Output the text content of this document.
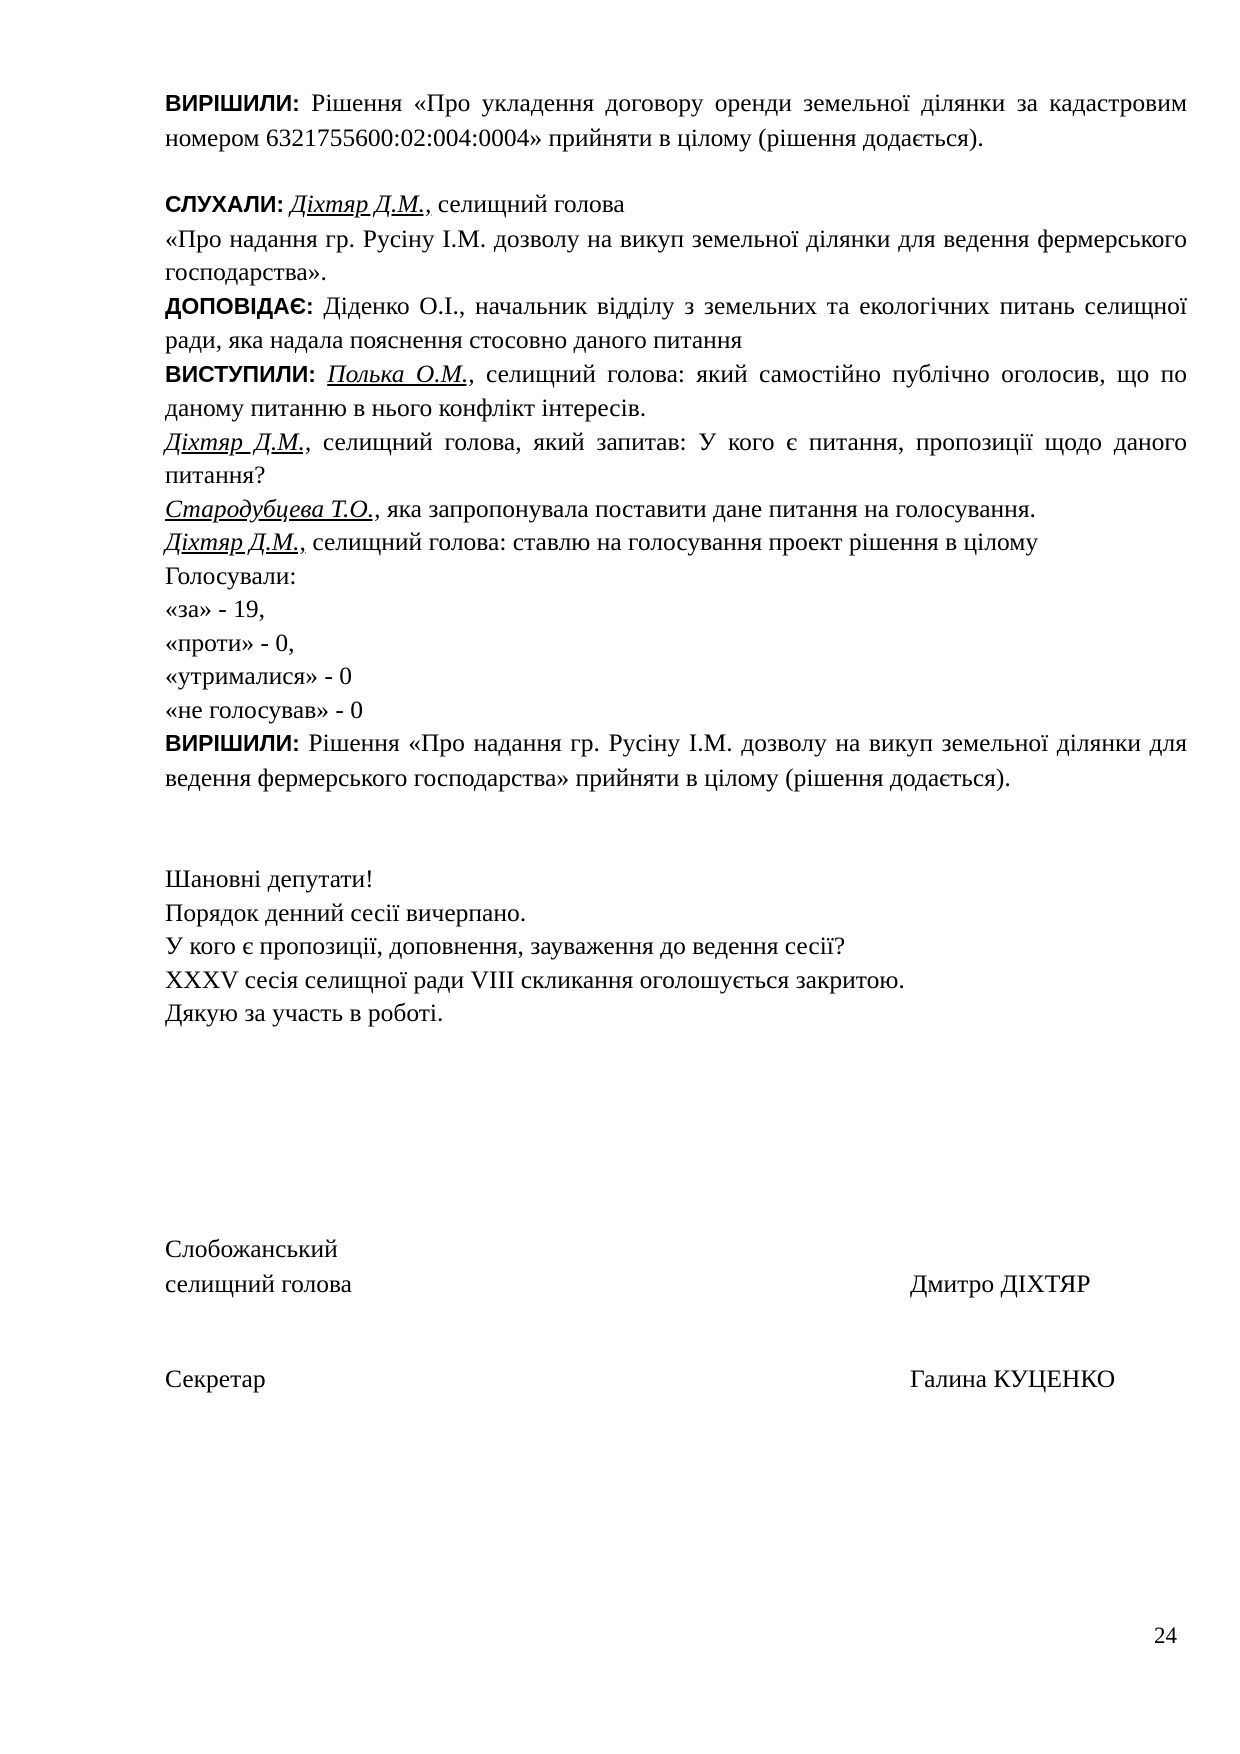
ВИРІШИЛИ: Рішення «Про укладення договору оренди земельної ділянки за кадастровим номером 6321755600:02:004:0004» прийняти в цілому (рішення додається).

СЛУХАЛИ: Діхтяр Д.М., селищний голова

«Про надання гр. Русіну І.М. дозволу на викуп земельної ділянки для ведення фермерського господарства».

ДОПОВІДАЄ: Діденко О.І., начальник відділу з земельних та екологічних питань селищної ради, яка надала пояснення стосовно даного питання

ВИСТУПИЛИ: Полька О.М., селищний голова: який самостійно публічно оголосив, що по даному питанню в нього конфлікт інтересів.

Діхтяр Д.М., селищний голова, який запитав: У кого є питання, пропозиції щодо даного питання?

Стародубцева Т.О., яка запропонувала поставити дане питання на голосування.

Діхтяр Д.М., селищний голова: ставлю на голосування проект рішення в цілому

Голосували:

«за» - 19,

«проти» - 0,

«утрималися» - 0

«не голосував» - 0

ВИРІШИЛИ: Рішення «Про надання гр. Русіну І.М. дозволу на викуп земельної ділянки для ведення фермерського господарства» прийняти в цілому (рішення додається).

Шановні депутати!

Порядок денний сесії вичерпано.

У кого є пропозиції, доповнення, зауваження до ведення сесії?

XXXV сесія селищної ради VIII скликання оголошується закритою.

Дякую за участь в роботі.

Слобожанський
селищний голова	Дмитро ДІХТЯР
Секретар	Галина КУЦЕНКО
24
